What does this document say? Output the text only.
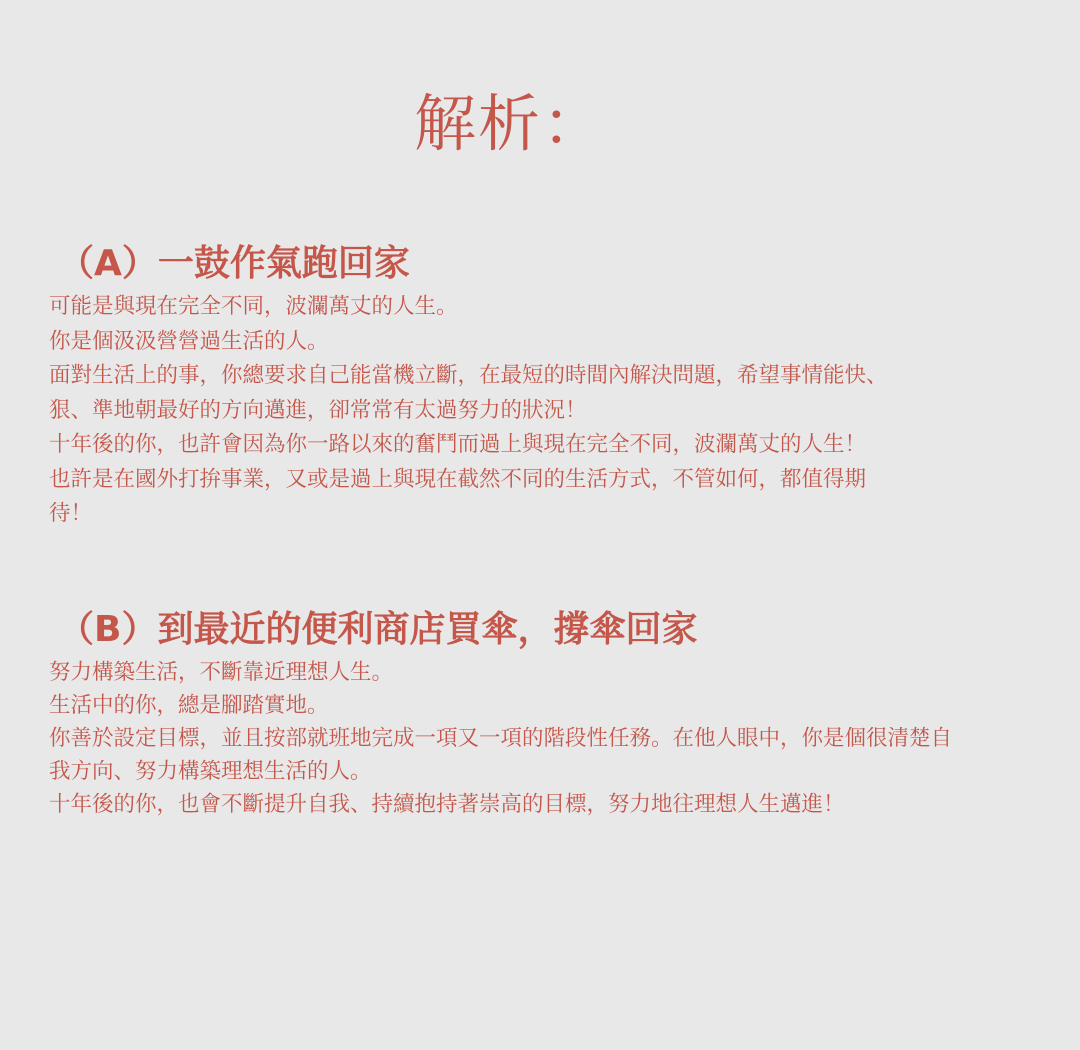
解析：
（A）一鼓作氣跑回家

可能是與現在完全不同，波瀾萬丈的人生。
你是個汲汲營營過生活的人。
面對生活上的事，你總要求自己能當機立斷，在最短的時間內解決問題，希望事情能快、
狠、準地朝最好的方向邁進，卻常常有太過努力的狀況！
十年後的你，也許會因為你一路以來的奮鬥而過上與現在完全不同，波瀾萬丈的人生！
也許是在國外打拚事業，又或是過上與現在截然不同的生活方式，不管如何，都值得期
待！

（B）到最近的便利商店買傘，撐傘回家

努力構築生活，不斷靠近理想人生。
生活中的你，總是腳踏實地。
你善於設定目標，並且按部就班地完成一項又一項的階段性任務。在他人眼中，你是個很清楚自
我方向、努力構築理想生活的人。
十年後的你，也會不斷提升自我、持續抱持著崇高的目標，努力地往理想人生邁進！
